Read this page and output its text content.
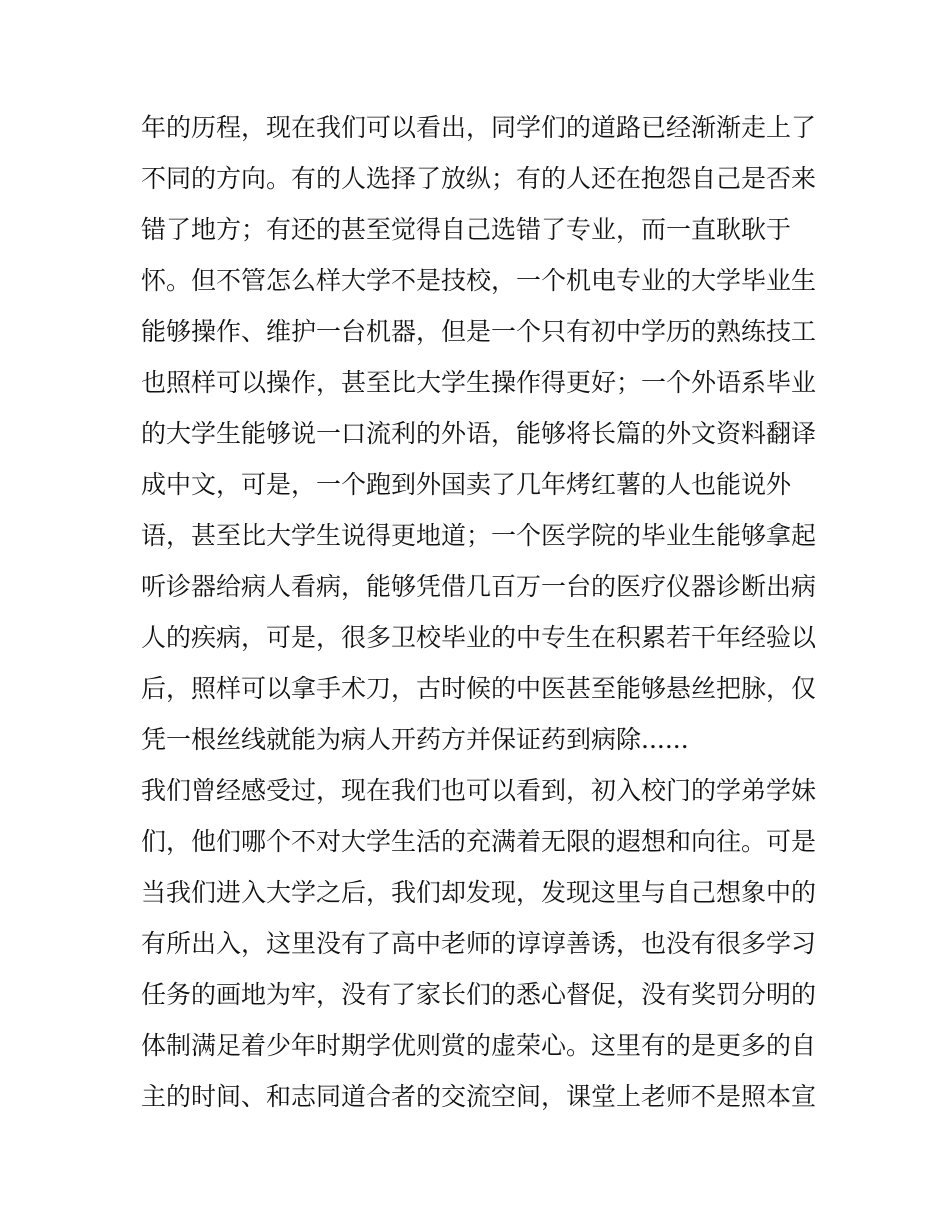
年的历程，现在我们可以看出，同学们的道路已经渐渐走上了
不同的方向。有的人选择了放纵；有的人还在抱怨自己是否来
错了地方；有还的甚至觉得自己选错了专业，而一直耿耿于
怀。但不管怎么样大学不是技校，一个机电专业的大学毕业生
能够操作、维护一台机器，但是一个只有初中学历的熟练技工
也照样可以操作，甚至比大学生操作得更好；一个外语系毕业
的大学生能够说一口流利的外语，能够将长篇的外文资料翻译
成中文，可是，一个跑到外国卖了几年烤红薯的人也能说外
语，甚至比大学生说得更地道；一个医学院的毕业生能够拿起
听诊器给病人看病，能够凭借几百万一台的医疗仪器诊断出病
人的疾病，可是，很多卫校毕业的中专生在积累若干年经验以
后，照样可以拿手术刀，古时候的中医甚至能够悬丝把脉，仅
凭一根丝线就能为病人开药方并保证药到病除......
我们曾经感受过，现在我们也可以看到，初入校门的学弟学妹
们，他们哪个不对大学生活的充满着无限的遐想和向往。可是
当我们进入大学之后，我们却发现，发现这里与自己想象中的
有所出入，这里没有了高中老师的谆谆善诱，也没有很多学习
任务的画地为牢，没有了家长们的悉心督促，没有奖罚分明的
体制满足着少年时期学优则赏的虚荣心。这里有的是更多的自
主的时间、和志同道合者的交流空间，课堂上老师不是照本宣
